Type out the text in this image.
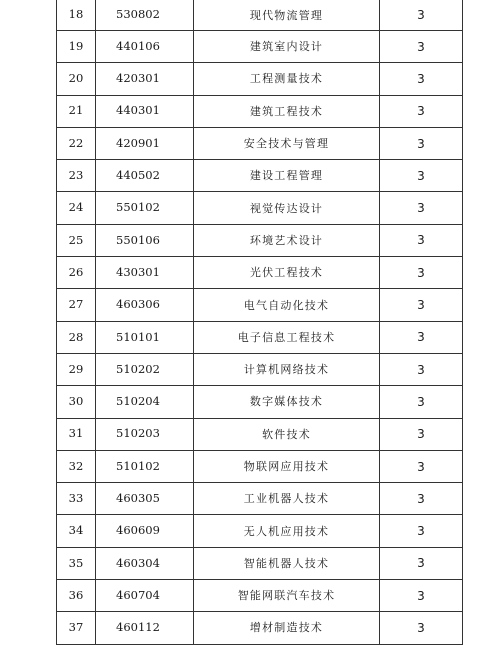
18	530802	现代物流管理	3
19	440106	建筑室内设计	3
20	420301	工程测量技术	3
21	440301	建筑工程技术	3
22	420901	安全技术与管理	3
23	440502	建设工程管理	3
24	550102	视觉传达设计	3
25	550106	环境艺术设计	3
26	430301	光伏工程技术	3
27	460306	电气自动化技术	3
28	510101	电子信息工程技术	3
29	510202	计算机网络技术	3
30	510204	数字媒体技术	3
31	510203	软件技术	3
32	510102	物联网应用技术	3
33	460305	工业机器人技术	3
34	460609	无人机应用技术	3
35	460304	智能机器人技术	3
36	460704	智能网联汽车技术	3
37	460112	增材制造技术	3
